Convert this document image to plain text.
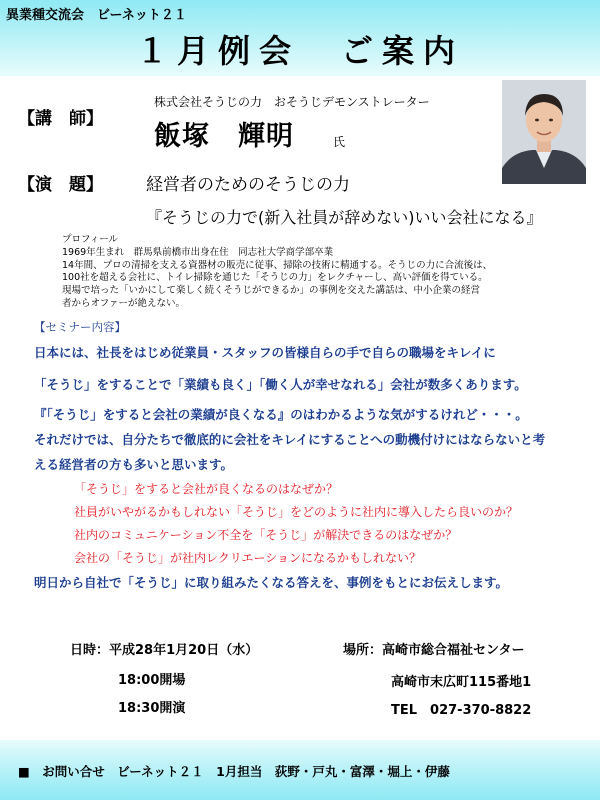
異業種交流会　ビーネット２１
１月例会　ご案内
【講　師】
株式会社そうじの力　おそうじデモンストレーター
飯塚　輝明	氏
【演　題】	経営者のためのそうじの力
『そうじの力で(新入社員が辞めない)いい会社になる』
プロフィール
1969年生まれ　群馬県前橋市出身在住　同志社大学商学部卒業
14年間、プロの清掃を支える資器材の販売に従事、掃除の技術に精通する。そうじの力に合流後は、
100社を超える会社に、トイレ掃除を通じた「そうじの力」をレクチャーし、高い評価を得ている。
現場で培った「いかにして楽しく続くそうじができるか」の事例を交えた講話は、中小企業の経営
者からオファーが絶えない。
【セミナー内容】
日本には、社長をはじめ従業員・スタッフの皆様自らの手で自らの職場をキレイに
「そうじ」をすることで「業績も良く」「働く人が幸せなれる」会社が数多くあります。
『「そうじ」をすると会社の業績が良くなる』のはわかるような気がするけれど・・・。
それだけでは、自分たちで徹底的に会社をキレイにすることへの動機付けにはならないと考
える経営者の方も多いと思います。
「そうじ」をすると会社が良くなるのはなぜか？
社員がいやがるかもしれない「そうじ」をどのように社内に導入したら良いのか？
社内のコミュニケーション不全を「そうじ」が解決できるのはなぜか？
会社の「そうじ」が社内レクリエーションになるかもしれない？
明日から自社で「そうじ」に取り組みたくなる答えを、事例をもとにお伝えします。
日時：平成28年1月20日（水）
18:00開場
18:30開演
場所：高崎市総合福祉センター
高崎市末広町115番地1
TEL　027-370-8822
■　お問い合せ　ビーネット２１　1月担当　荻野・戸丸・富澤・堀上・伊藤
